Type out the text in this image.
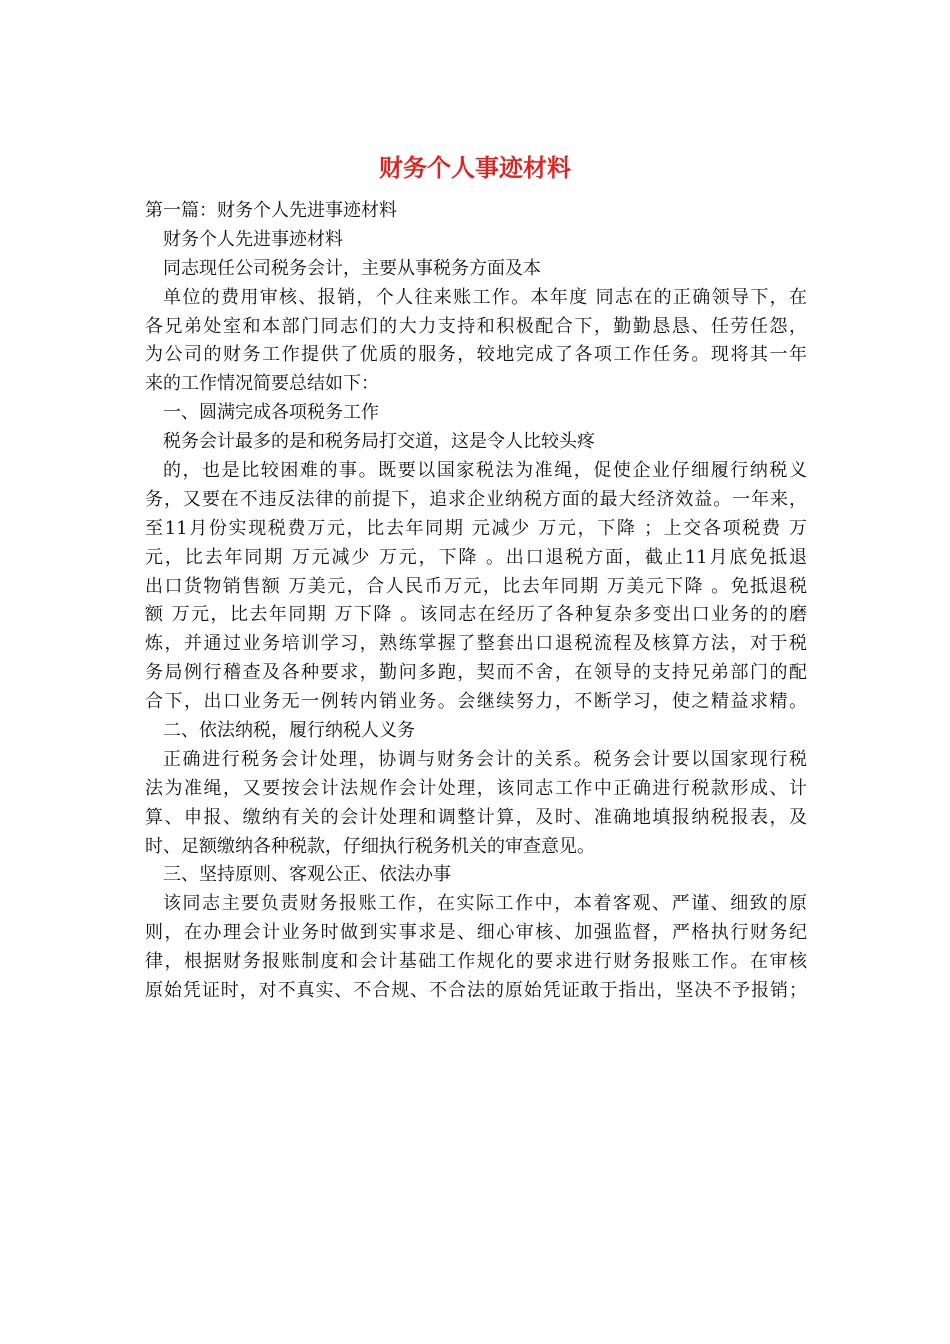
财务个人事迹材料
第一篇：财务个人先进事迹材料
财务个人先进事迹材料
同志现任公司税务会计，主要从事税务方面及本
单位的费用审核、报销，个人往来账工作。本年度 同志在的正确领导下，在
各兄弟处室和本部门同志们的大力支持和积极配合下，勤勤恳恳、任劳任怨，
为公司的财务工作提供了优质的服务，较地完成了各项工作任务。现将其一年
来的工作情况简要总结如下：
一、圆满完成各项税务工作
税务会计最多的是和税务局打交道，这是令人比较头疼
的，也是比较困难的事。既要以国家税法为准绳，促使企业仔细履行纳税义
务，又要在不违反法律的前提下，追求企业纳税方面的最大经济效益。一年来，
至11月份实现税费万元，比去年同期 元减少 万元，下降 ；上交各项税费 万
元，比去年同期 万元减少 万元，下降 。出口退税方面，截止11月底免抵退
出口货物销售额 万美元，合人民币万元，比去年同期 万美元下降 。免抵退税
额 万元，比去年同期 万下降 。该同志在经历了各种复杂多变出口业务的的磨
炼，并通过业务培训学习，熟练掌握了整套出口退税流程及核算方法，对于税
务局例行稽查及各种要求，勤问多跑，契而不舍，在领导的支持兄弟部门的配
合下，出口业务无一例转内销业务。会继续努力，不断学习，使之精益求精。
二、依法纳税，履行纳税人义务
正确进行税务会计处理，协调与财务会计的关系。税务会计要以国家现行税
法为准绳，又要按会计法规作会计处理，该同志工作中正确进行税款形成、计
算、申报、缴纳有关的会计处理和调整计算，及时、准确地填报纳税报表，及
时、足额缴纳各种税款，仔细执行税务机关的审查意见。
三、坚持原则、客观公正、依法办事
该同志主要负责财务报账工作，在实际工作中，本着客观、严谨、细致的原
则，在办理会计业务时做到实事求是、细心审核、加强监督，严格执行财务纪
律，根据财务报账制度和会计基础工作规化的要求进行财务报账工作。在审核
原始凭证时，对不真实、不合规、不合法的原始凭证敢于指出，坚决不予报销；
